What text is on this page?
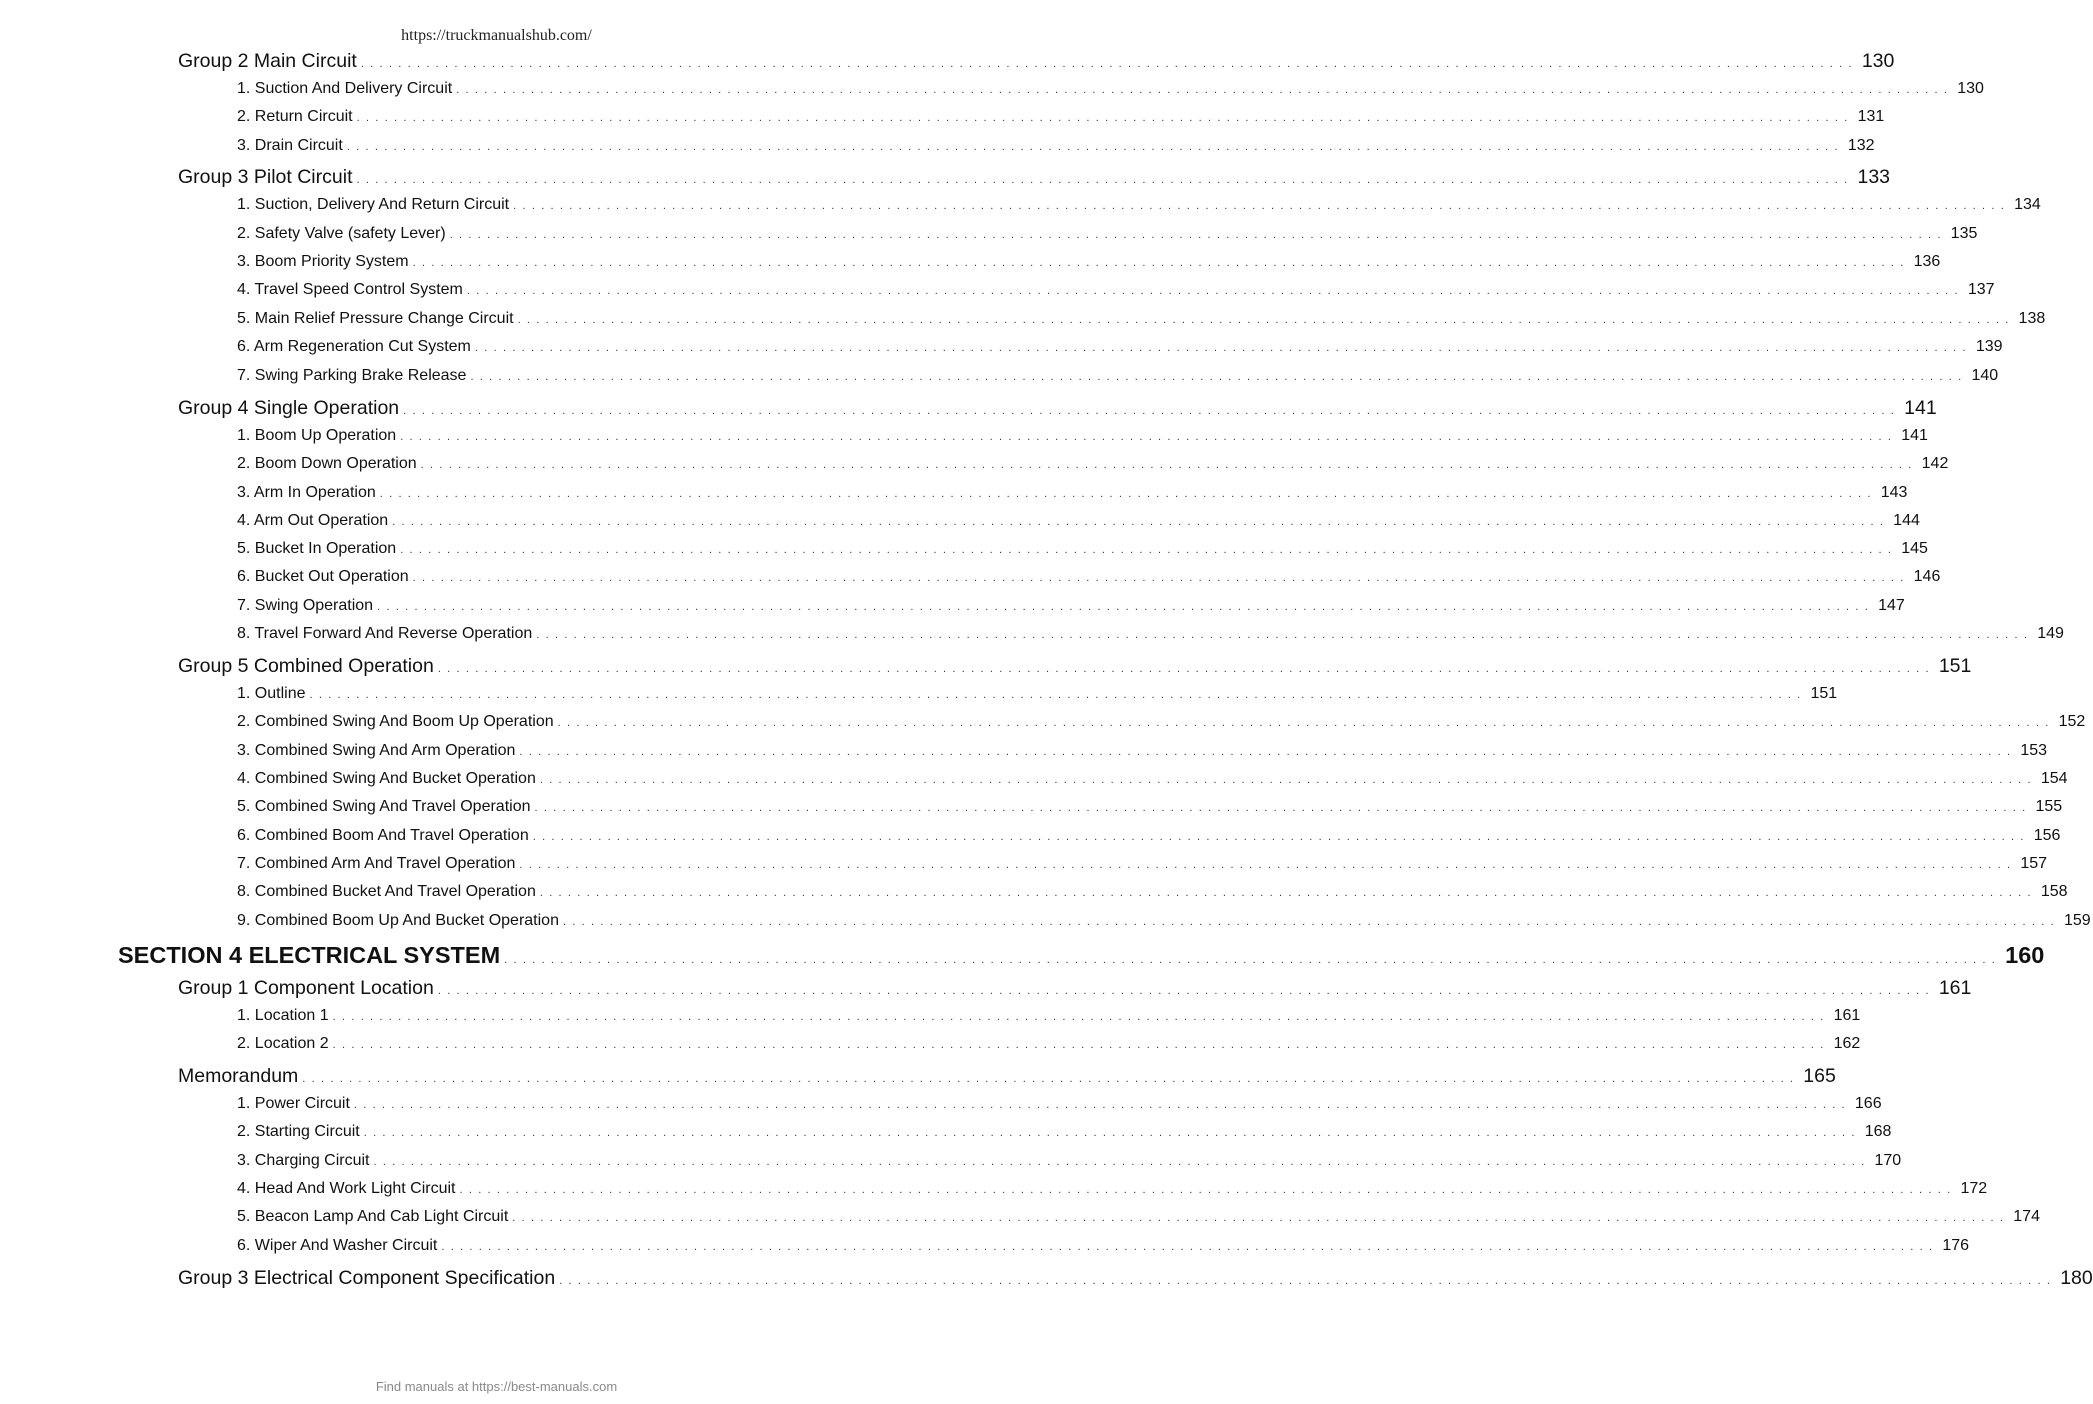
https://truckmanualshub.com/
Group 2 Main Circuit ................................................................................................................................................................ 130
1. Suction And Delivery Circuit ................................................................................................................................................................ 130
2. Return Circuit ................................................................................................................................................................ 131
3. Drain Circuit ................................................................................................................................................................ 132
Group 3 Pilot Circuit ................................................................................................................................................................ 133
1. Suction, Delivery And Return Circuit ................................................................................................................................................................ 134
2. Safety Valve (safety Lever) ................................................................................................................................................................ 135
3. Boom Priority System ................................................................................................................................................................ 136
4. Travel Speed Control System ................................................................................................................................................................ 137
5. Main Relief Pressure Change Circuit ................................................................................................................................................................ 138
6. Arm Regeneration Cut System ................................................................................................................................................................ 139
7. Swing Parking Brake Release ................................................................................................................................................................ 140
Group 4 Single Operation ................................................................................................................................................................ 141
1. Boom Up Operation ................................................................................................................................................................ 141
2. Boom Down Operation ................................................................................................................................................................ 142
3. Arm In Operation ................................................................................................................................................................ 143
4. Arm Out Operation ................................................................................................................................................................ 144
5. Bucket In Operation ................................................................................................................................................................ 145
6. Bucket Out Operation ................................................................................................................................................................ 146
7. Swing Operation ................................................................................................................................................................ 147
8. Travel Forward And Reverse Operation ................................................................................................................................................................ 149
Group 5 Combined Operation ................................................................................................................................................................ 151
1. Outline ................................................................................................................................................................ 151
2. Combined Swing And Boom Up Operation ................................................................................................................................................................ 152
3. Combined Swing And Arm Operation ................................................................................................................................................................ 153
4. Combined Swing And Bucket Operation ................................................................................................................................................................ 154
5. Combined Swing And Travel Operation ................................................................................................................................................................ 155
6. Combined Boom And Travel Operation ................................................................................................................................................................ 156
7. Combined Arm And Travel Operation ................................................................................................................................................................ 157
8. Combined Bucket And Travel Operation ................................................................................................................................................................ 158
9. Combined Boom Up And Bucket Operation ................................................................................................................................................................ 159
SECTION 4 ELECTRICAL SYSTEM ................................................................................................................................................................ 160
Group 1 Component Location ................................................................................................................................................................ 161
1. Location 1 ................................................................................................................................................................ 161
2. Location 2 ................................................................................................................................................................ 162
Memorandum ................................................................................................................................................................ 165
1. Power Circuit ................................................................................................................................................................ 166
2. Starting Circuit ................................................................................................................................................................ 168
3. Charging Circuit ................................................................................................................................................................ 170
4. Head And Work Light Circuit ................................................................................................................................................................ 172
5. Beacon Lamp And Cab Light Circuit ................................................................................................................................................................ 174
6. Wiper And Washer Circuit ................................................................................................................................................................ 176
Group 3 Electrical Component Specification ................................................................................................................................................................ 180
Find manuals at https://best-manuals.com
